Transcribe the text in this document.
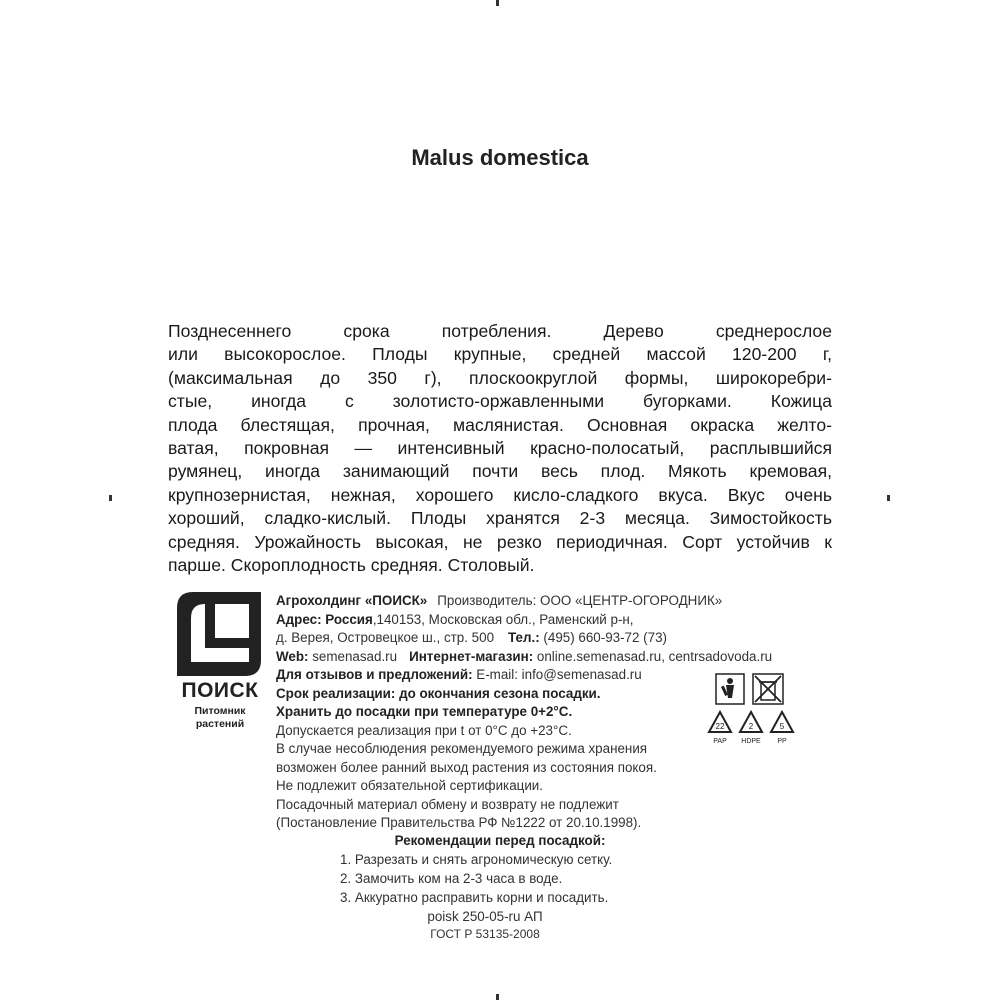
Malus domestica
Позднесеннего срока потребления. Дерево среднерослое
или высокорослое. Плоды крупные, средней массой 120-200 г,
(максимальная до 350 г), плоскоокруглой формы, широкоребри-
стые, иногда с золотисто-оржавленными бугорками. Кожица
плода блестящая, прочная, маслянистая. Основная окраска желто-
ватая, покровная — интенсивный красно-полосатый, расплывшийся
румянец, иногда занимающий почти весь плод. Мякоть кремовая,
крупнозернистая, нежная, хорошего кисло-сладкого вкуса. Вкус очень
хороший, сладко-кислый. Плоды хранятся 2-3 месяца. Зимостойкость
средняя. Урожайность высокая, не резко периодичная. Сорт устойчив к
парше. Скороплодность средняя. Столовый.
ПОИСК
Питомник
растений
Агрохолдинг «ПОИСК» Производитель: ООО «ЦЕНТР-ОГОРОДНИК»
Адрес: Россия,140153, Московская обл., Раменский р-н,
д. Верея, Островецкое ш., стр. 500 Тел.: (495) 660-93-72 (73)
Web: semenasad.ru Интернет-магазин: online.semenasad.ru, centrsadovoda.ru
Для отзывов и предложений: E-mail: info@semenasad.ru
Срок реализации: до окончания сезона посадки.
Хранить до посадки при температуре 0+2°С.
Допускается реализация при t от 0°С до +23°С.
В случае несоблюдения рекомендуемого режима хранения
возможен более ранний выход растения из состояния покоя.
Не подлежит обязательной сертификации.
Посадочный материал обмену и возврату не подлежит
(Постановление Правительства РФ №1222 от 20.10.1998).
22
PAP
2
HDPE
5
PP
Рекомендации перед посадкой:
1. Разрезать и снять агрономическую сетку.
2. Замочить ком на 2-3 часа в воде.
3. Аккуратно расправить корни и посадить.
poisk 250-05-ru АП
ГОСТ Р 53135-2008
